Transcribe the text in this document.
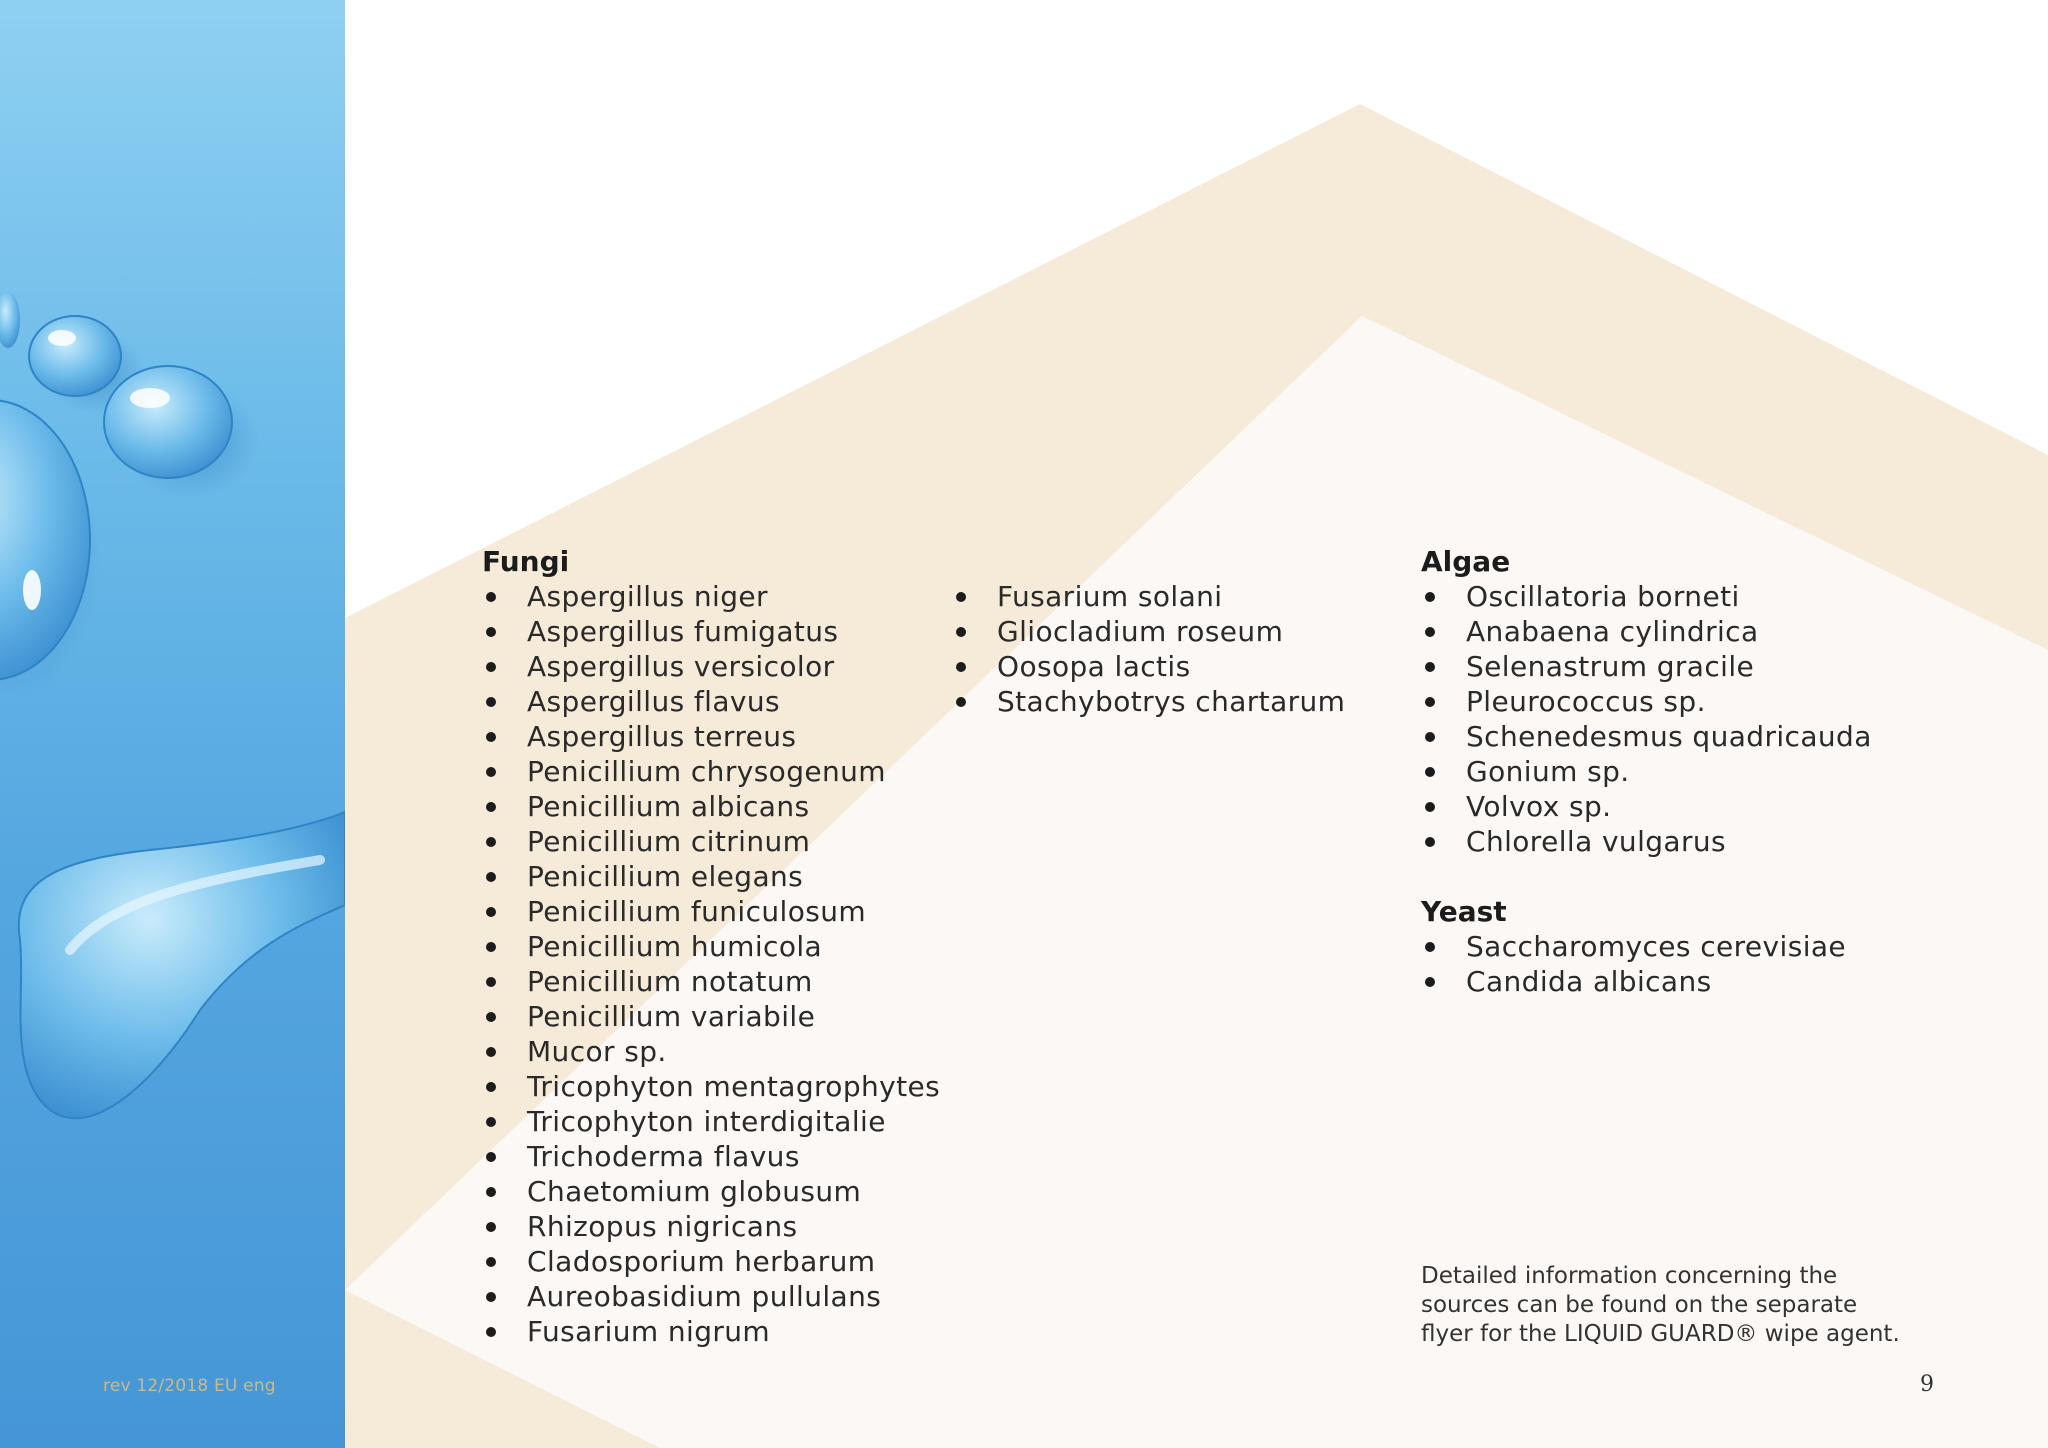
rev 12/2018 EU eng
Fungi
Aspergillus niger
Aspergillus fumigatus
Aspergillus versicolor
Aspergillus flavus
Aspergillus terreus
Penicillium chrysogenum
Penicillium albicans
Penicillium citrinum
Penicillium elegans
Penicillium funiculosum
Penicillium humicola
Penicillium notatum
Penicillium variabile
Mucor sp.
Tricophyton mentagrophytes
Tricophyton interdigitalie
Trichoderma flavus
Chaetomium globusum
Rhizopus nigricans
Cladosporium herbarum
Aureobasidium pullulans
Fusarium nigrum
Fusarium solani
Gliocladium roseum
Oosopa lactis
Stachybotrys chartarum
Algae
Oscillatoria borneti
Anabaena cylindrica
Selenastrum gracile
Pleurococcus sp.
Schenedesmus quadricauda
Gonium sp.
Volvox sp.
Chlorella vulgarus
Yeast
Saccharomyces cerevisiae
Candida albicans
Detailed information concerning the
sources can be found on the separate
flyer for the LIQUID GUARD® wipe agent.
9
